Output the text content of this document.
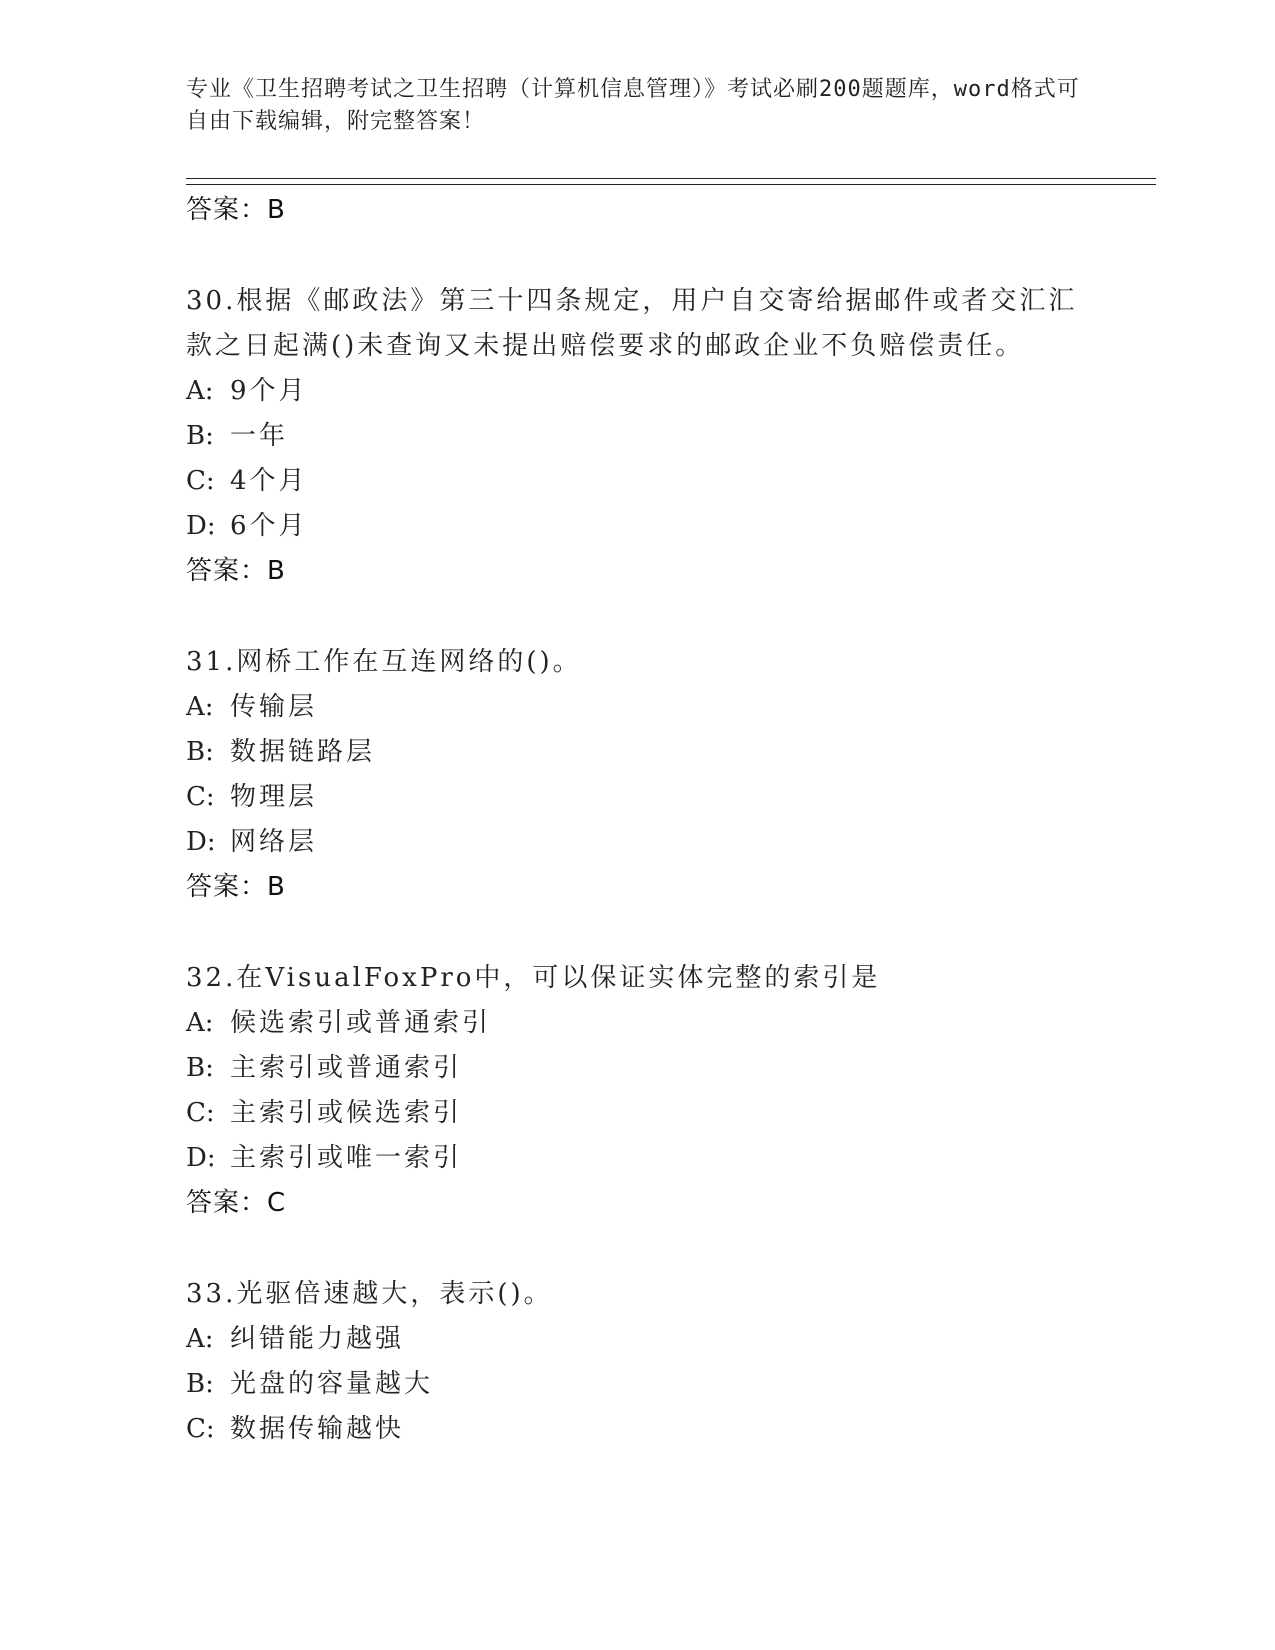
专业《卫生招聘考试之卫生招聘（计算机信息管理）》考试必刷200题题库，word格式可自由下载编辑，附完整答案！
答案：B
30.根据《邮政法》第三十四条规定，用户自交寄给据邮件或者交汇汇款之日起满()未查询又未提出赔偿要求的邮政企业不负赔偿责任。
A: 9个月
B: 一年
C: 4个月
D: 6个月
答案：B
31.网桥工作在互连网络的()。
A: 传输层
B: 数据链路层
C: 物理层
D: 网络层
答案：B
32.在VisualFoxPro中，可以保证实体完整的索引是
A: 候选索引或普通索引
B: 主索引或普通索引
C: 主索引或候选索引
D: 主索引或唯一索引
答案：C
33.光驱倍速越大，表示()。
A: 纠错能力越强
B: 光盘的容量越大
C: 数据传输越快
